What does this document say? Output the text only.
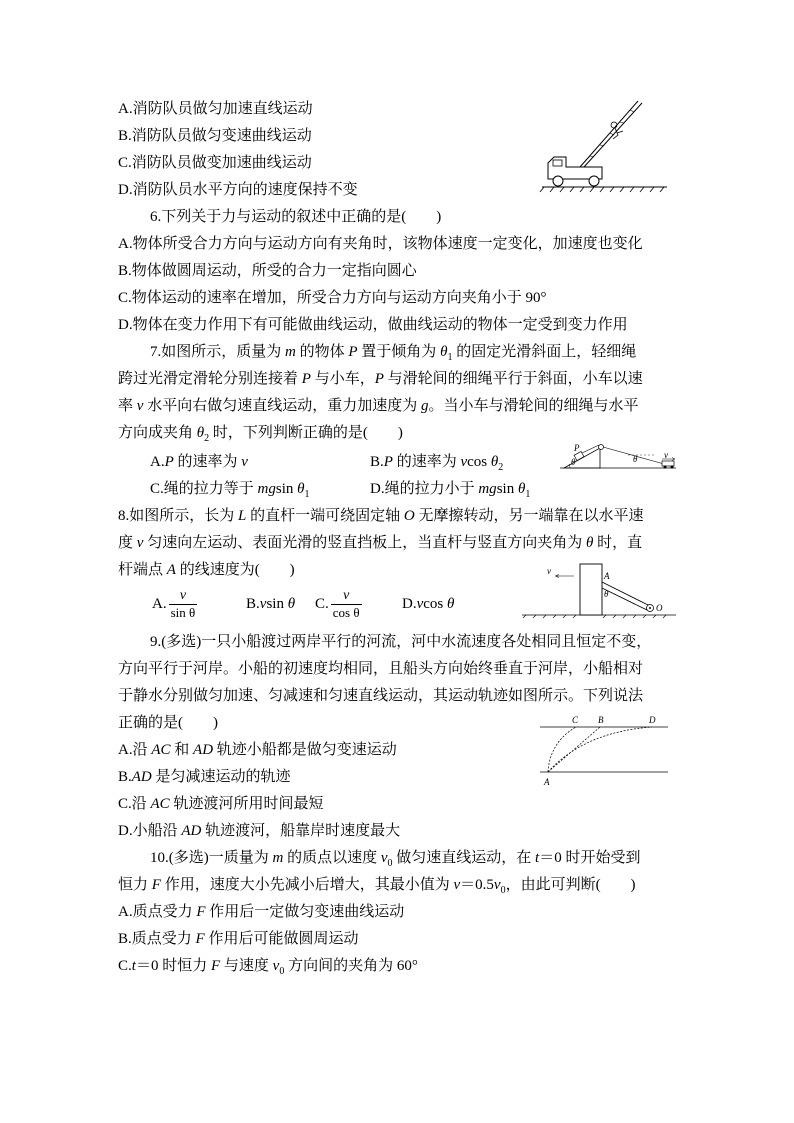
A.消防队员做匀加速直线运动
B.消防队员做匀变速曲线运动
C.消防队员做变加速曲线运动
D.消防队员水平方向的速度保持不变
6.下列关于力与运动的叙述中正确的是(　　)
A.物体所受合力方向与运动方向有夹角时，该物体速度一定变化，加速度也变化
B.物体做圆周运动，所受的合力一定指向圆心
C.物体运动的速率在增加，所受合力方向与运动方向夹角小于 90°
D.物体在变力作用下有可能做曲线运动，做曲线运动的物体一定受到变力作用
7.如图所示，质量为 m 的物体 P 置于倾角为 $\theta_1$ 的固定光滑斜面上，轻细绳
跨过光滑定滑轮分别连接着 P 与小车，P 与滑轮间的细绳平行于斜面，小车以速
率 v 水平向右做匀速直线运动，重力加速度为 g。当小车与滑轮间的细绳与水平
方向成夹角 $\theta_2$ 时，下列判断正确的是(　　)
A.P 的速率为 v	B.P 的速率为 vcos $\theta_2$
C.绳的拉力等于 mgsin $\theta_1$	D.绳的拉力小于 mgsin $\theta_1$
P
θ	θ	v
8.如图所示，长为 L 的直杆一端可绕固定轴 O 无摩擦转动，另一端靠在以水平速
度 v 匀速向左运动、表面光滑的竖直挡板上，当直杆与竖直方向夹角为 θ 时，直
杆端点 A 的线速度为(　　)
A. $\frac{v}{\text{sin θ}}$	B.vsin θ C. $\frac{v}{\text{cos θ}}$	D.vcos θ
v	A
θ
O
9.(多选)一只小船渡过两岸平行的河流，河中水流速度各处相同且恒定不变，
方向平行于河岸。小船的初速度均相同，且船头方向始终垂直于河岸，小船相对
于静水分别做匀加速、匀减速和匀速直线运动，其运动轨迹如图所示。下列说法
正确的是(　　)
A.沿 AC 和 AD 轨迹小船都是做匀变速运动
B.AD 是匀减速运动的轨迹
C.沿 AC 轨迹渡河所用时间最短
D.小船沿 AD 轨迹渡河，船靠岸时速度最大
C B	D
A
10.(多选)一质量为 m 的质点以速度 $v_0$ 做匀速直线运动，在 t＝0 时开始受到
恒力 F 作用，速度大小先减小后增大，其最小值为 $v=0.5v_0$，由此可判断(　　)
A.质点受力 F 作用后一定做匀变速曲线运动
B.质点受力 F 作用后可能做圆周运动
C.t＝0 时恒力 F 与速度 $v_0$ 方向间的夹角为 60°
